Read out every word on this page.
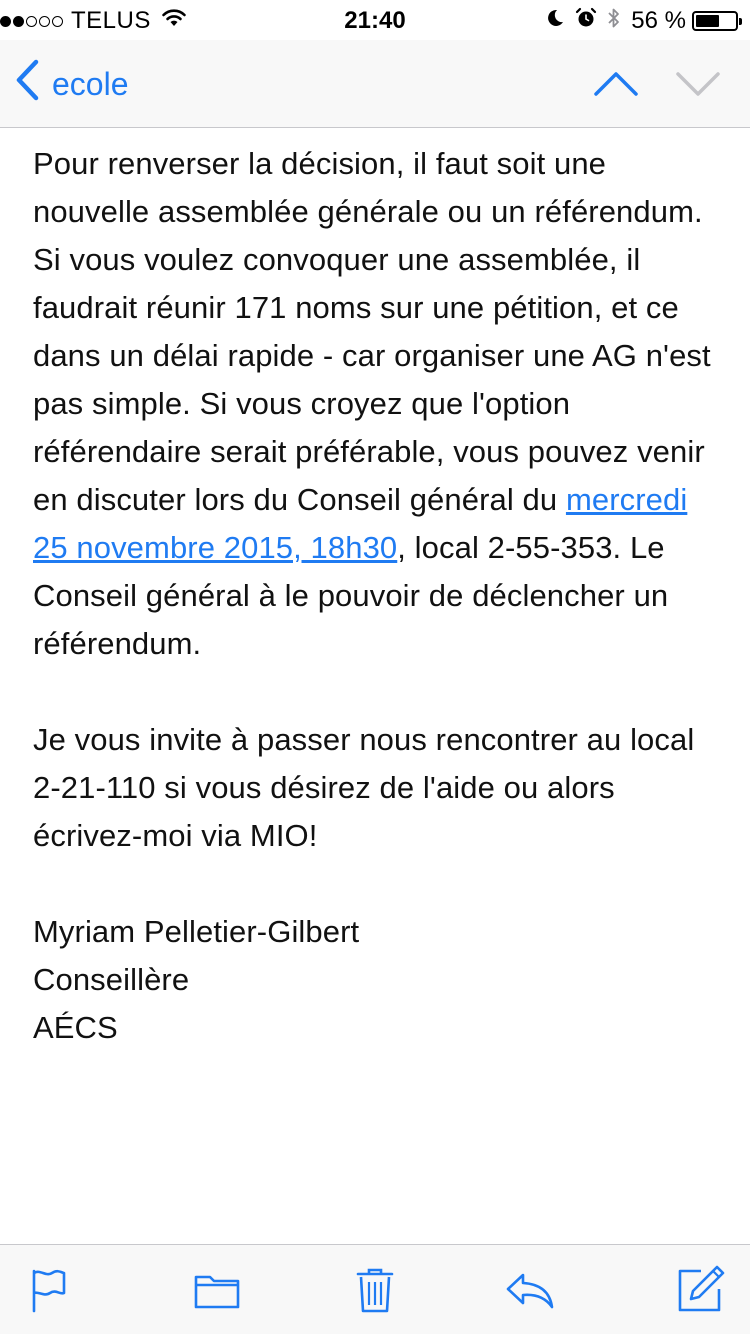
TELUS	21:40	56 %
ecole

Pour renverser la décision, il faut soit une nouvelle assemblée générale ou un référendum. Si vous voulez convoquer une assemblée, il faudrait réunir 171 noms sur une pétition, et ce dans un délai rapide - car organiser une AG n'est pas simple. Si vous croyez que l'option référendaire serait préférable, vous pouvez venir en discuter lors du Conseil général du mercredi 25 novembre 2015, 18h30, local 2-55-353. Le Conseil général à le pouvoir de déclencher un référendum.

Je vous invite à passer nous rencontrer au local 2-21-110 si vous désirez de l'aide ou alors écrivez-moi via MIO!

Myriam Pelletier-Gilbert

Conseillère

AÉCS
